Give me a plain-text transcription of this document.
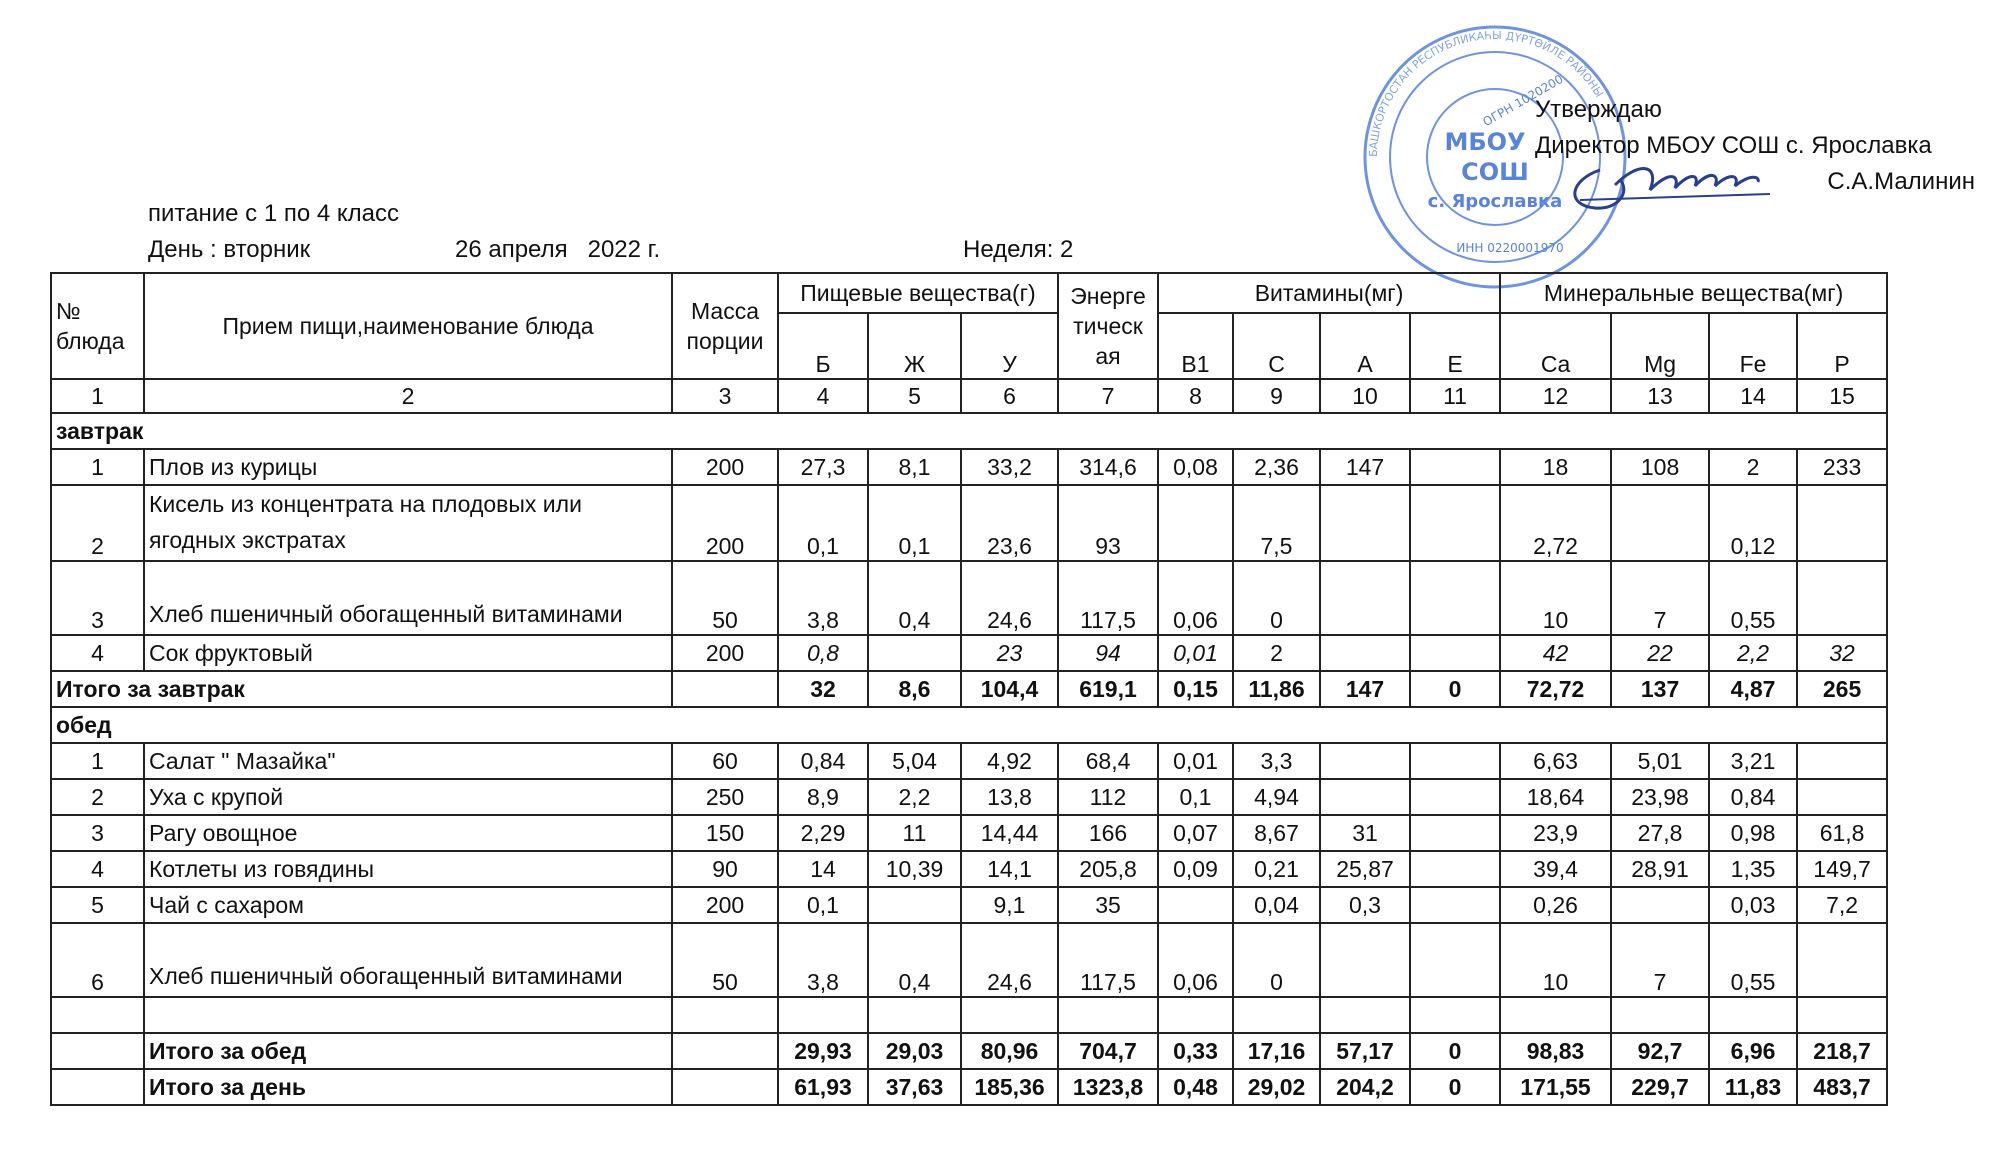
БАШКОРТОСТАН РЕСПУБЛИКАҺЫ ДҮРТӨЙЛЕ РАЙОНЫ
МБОУ
СОШ
с. Ярославка
ОГРН 1020200
ИНН 0220001970
Утверждаю
Директор МБОУ СОШ с. Ярославка
С.А.Малинин
питание с 1 по 4 класс
День : вторник	26 апреля   2022 г.	Неделя: 2
№ блюда	Прием пищи,наименование блюда	Масса порции	Пищевые вещества(г)			Энерге тическ ая	Витамины(мг)				Минеральные вещества(мг)			
			Б	Ж	У		B1	C	A	E	Ca	Mg	Fe	P
1	2	3	4	5	6	7	8	9	10	11	12	13	14	15
завтрак														
1	Плов из курицы	200	27,3	8,1	33,2	314,6	0,08	2,36	147		18	108	2	233
2	Кисель из концентрата на плодовых или ягодных экстратах	200	0,1	0,1	23,6	93		7,5			2,72		0,12	
3	Хлеб пшеничный обогащенный витаминами	50	3,8	0,4	24,6	117,5	0,06	0			10	7	0,55	
4	Сок фруктовый	200	0,8		23	94	0,01	2			42	22	2,2	32
Итого за завтрак			32	8,6	104,4	619,1	0,15	11,86	147	0	72,72	137	4,87	265
обед														
1	Салат " Мазайка"	60	0,84	5,04	4,92	68,4	0,01	3,3			6,63	5,01	3,21	
2	Уха с крупой	250	8,9	2,2	13,8	112	0,1	4,94			18,64	23,98	0,84	
3	Рагу овощное	150	2,29	11	14,44	166	0,07	8,67	31		23,9	27,8	0,98	61,8
4	Котлеты из говядины	90	14	10,39	14,1	205,8	0,09	0,21	25,87		39,4	28,91	1,35	149,7
5	Чай с сахаром	200	0,1		9,1	35		0,04	0,3		0,26		0,03	7,2
6	Хлеб пшеничный обогащенный витаминами	50	3,8	0,4	24,6	117,5	0,06	0			10	7	0,55	

	Итого за обед		29,93	29,03	80,96	704,7	0,33	17,16	57,17	0	98,83	92,7	6,96	218,7
	Итого за день		61,93	37,63	185,36	1323,8	0,48	29,02	204,2	0	171,55	229,7	11,83	483,7
